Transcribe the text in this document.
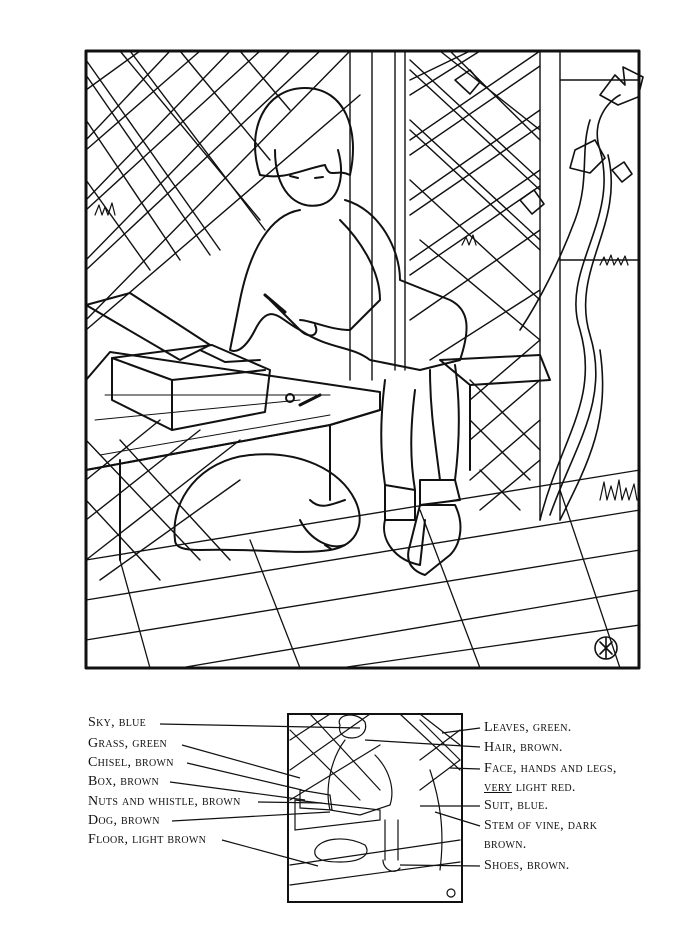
Sky, blue
Grass, green
Chisel, brown
Box, brown
Nuts and whistle, brown
Dog, brown
Floor, light brown
Leaves, green.
Hair, brown.
Face, hands and legs,
very light red.
Suit, blue.
Stem of vine, dark
brown.
Shoes, brown.
